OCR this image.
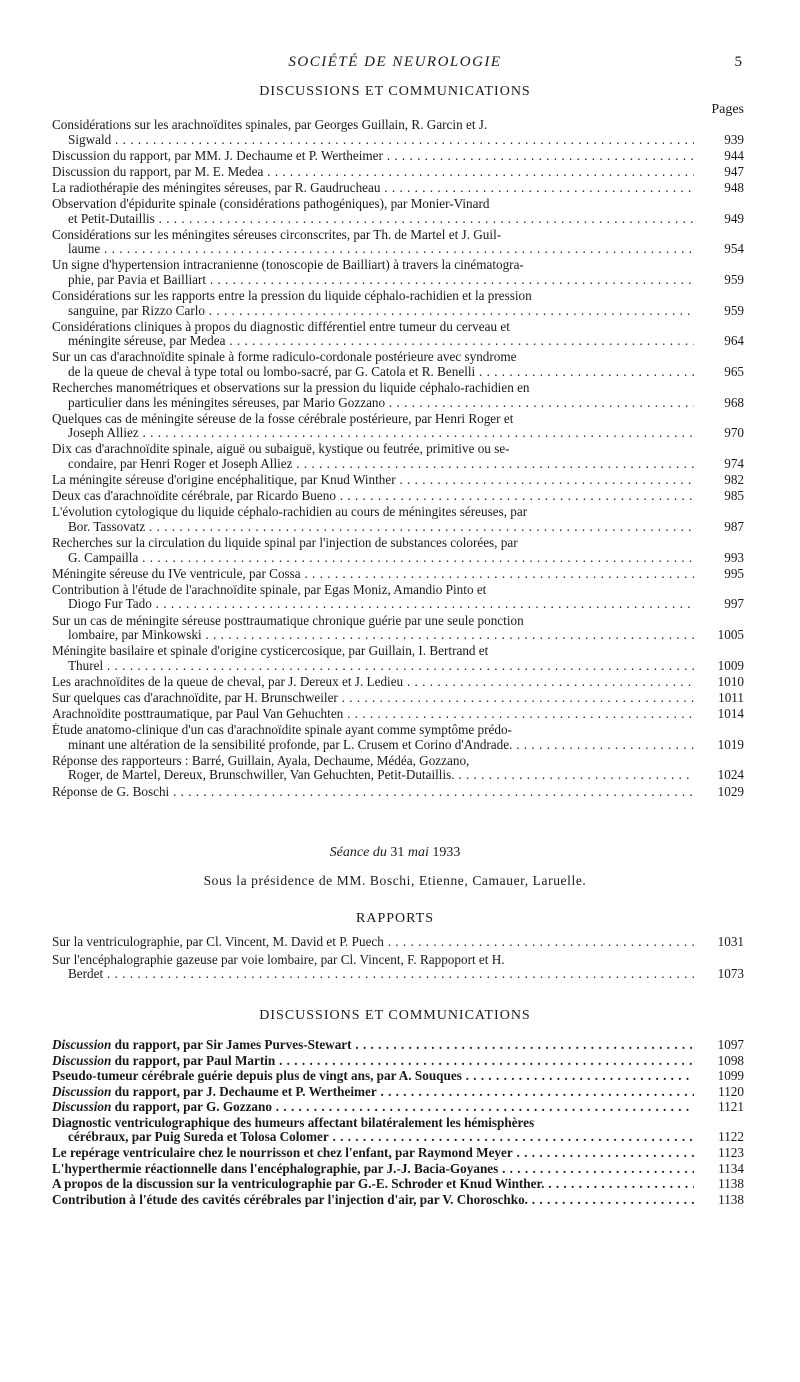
SOCIÉTÉ DE NEUROLOGIE	5
DISCUSSIONS ET COMMUNICATIONS
Pages
Considérations sur les arachnoïdites spinales, par Georges Guillain, R. Garcin et J.
Sigwald . . .	939
Discussion du rapport, par MM. J. Dechaume et P. Wertheimer . . .	944
Discussion du rapport, par M. E. Medea . . .	947
La radiothérapie des méningites séreuses, par R. Gaudrucheau . . .	948
Observation d'épidurite spinale (considérations pathogéniques), par Monier-Vinard
et Petit-Dutaillis . . .	949
Considérations sur les méningites séreuses circonscrites, par Th. de Martel et J. Guil-
laume . . .	954
Un signe d'hypertension intracranienne (tonoscopie de Bailliart) à travers la cinématogra-
phie, par Pavia et Bailliart . . .	959
Considérations sur les rapports entre la pression du liquide céphalo-rachidien et la pression
sanguine, par Rizzo Carlo . . .	959
Considérations cliniques à propos du diagnostic différentiel entre tumeur du cerveau et
méningite séreuse, par Medea . . .	964
Sur un cas d'arachnoïdite spinale à forme radiculo-cordonale postérieure avec syndrome
de la queue de cheval à type total ou lombo-sacré, par G. Catola et R. Benelli . . .	965
Recherches manométriques et observations sur la pression du liquide céphalo-rachidien en
particulier dans les méningites séreuses, par Mario Gozzano . . .	968
Quelques cas de méningite séreuse de la fosse cérébrale postérieure, par Henri Roger et
Joseph Alliez . . .	970
Dix cas d'arachnoïdite spinale, aiguë ou subaiguë, kystique ou feutrée, primitive ou se-
condaire, par Henri Roger et Joseph Alliez . . .	974
La méningite séreuse d'origine encéphalitique, par Knud Winther . . .	982
Deux cas d'arachnoïdite cérébrale, par Ricardo Bueno . . .	985
L'évolution cytologique du liquide céphalo-rachidien au cours de méningites séreuses, par
Bor. Tassovatz . . .	987
Recherches sur la circulation du liquide spinal par l'injection de substances colorées, par
G. Campailla . . .	993
Méningite séreuse du IVe ventricule, par Cossa . . .	995
Contribution à l'étude de l'arachnoïdite spinale, par Egas Moniz, Amandio Pinto et
Diogo Fur Tado . . .	997
Sur un cas de méningite séreuse posttraumatique chronique guérie par une seule ponction
lombaire, par Minkowski . . .	1005
Méningite basilaire et spinale d'origine cysticercosique, par Guillain, I. Bertrand et
Thurel . . .	1009
Les arachnoïdites de la queue de cheval, par J. Dereux et J. Ledieu . . .	1010
Sur quelques cas d'arachnoïdite, par H. Brunschweiler . . .	1011
Arachnoïdite posttraumatique, par Paul Van Gehuchten . . .	1014
Étude anatomo-clinique d'un cas d'arachnoïdite spinale ayant comme symptôme prédo-
minant une altération de la sensibilité profonde, par L. Crusem et Corino d'Andrade. . . .	1019
Réponse des rapporteurs : Barré, Guillain, Ayala, Dechaume, Médéa, Gozzano,
Roger, de Martel, Dereux, Brunschwiller, Van Gehuchten, Petit-Dutaillis. . . .	1024
Réponse de G. Boschi . . .	1029
Séance du 31 mai 1933
Sous la présidence de MM. Boschi, Etienne, Camauer, Laruelle.
RAPPORTS
Sur la ventriculographie, par Cl. Vincent, M. David et P. Puech . . .	1031
Sur l'encéphalographie gazeuse par voie lombaire, par Cl. Vincent, F. Rappoport et H.
Berdet . . .	1073
DISCUSSIONS ET COMMUNICATIONS
Discussion du rapport, par Sir James Purves-Stewart . . .	1097
Discussion du rapport, par Paul Martin . . .	1098
Pseudo-tumeur cérébrale guérie depuis plus de vingt ans, par A. Souques . . .	1099
Discussion du rapport, par J. Dechaume et P. Wertheimer . . .	1120
Discussion du rapport, par G. Gozzano . . .	1121
Diagnostic ventriculographique des humeurs affectant bilatéralement les hémisphères
cérébraux, par Puig Sureda et Tolosa Colomer . . .	1122
Le repérage ventriculaire chez le nourrisson et chez l'enfant, par Raymond Meyer . . .	1123
L'hyperthermie réactionnelle dans l'encéphalographie, par J.-J. Bacia-Goyanes . . .	1134
A propos de la discussion sur la ventriculographie par G.-E. Schroder et Knud Winther. . . .	1138
Contribution à l'étude des cavités cérébrales par l'injection d'air, par V. Choroschko. . . .	1138
